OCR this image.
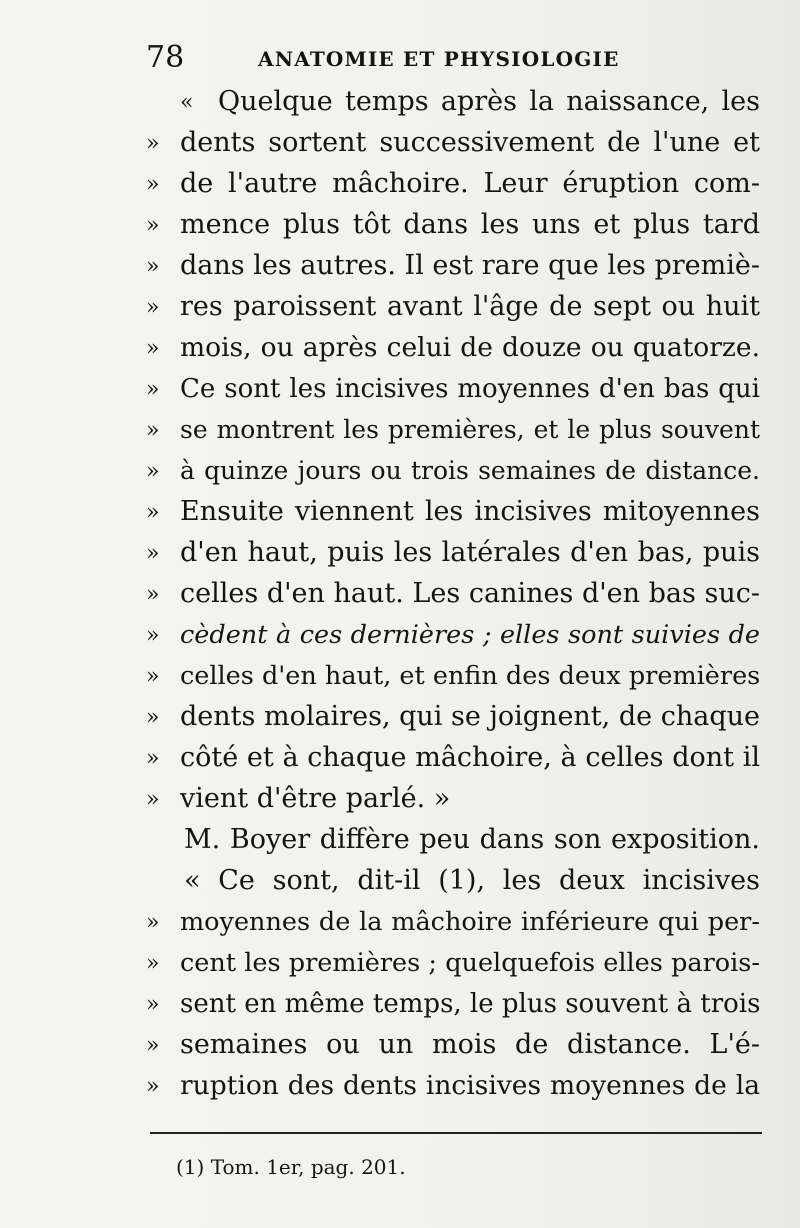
78	ANATOMIE ET PHYSIOLOGIE
« Quelque temps après la naissance, les
» dents sortent successivement de l'une et
» de l'autre mâchoire. Leur éruption com-
» mence plus tôt dans les uns et plus tard
» dans les autres. Il est rare que les premiè-
» res paroissent avant l'âge de sept ou huit
» mois, ou après celui de douze ou quatorze.
» Ce sont les incisives moyennes d'en bas qui
» se montrent les premières, et le plus souvent
» à quinze jours ou trois semaines de distance.
» Ensuite viennent les incisives mitoyennes
» d'en haut, puis les latérales d'en bas, puis
» celles d'en haut. Les canines d'en bas suc-
» cèdent à ces dernières ; elles sont suivies de
» celles d'en haut, et enfin des deux premières
» dents molaires, qui se joignent, de chaque
» côté et à chaque mâchoire, à celles dont il
» vient d'être parlé. »
M. Boyer diffère peu dans son exposition.
« Ce sont, dit-il (1), les deux incisives
» moyennes de la mâchoire inférieure qui per-
» cent les premières ; quelquefois elles parois-
» sent en même temps, le plus souvent à trois
» semaines ou un mois de distance. L'é-
» ruption des dents incisives moyennes de la
(1) Tom. 1er, pag. 201.
